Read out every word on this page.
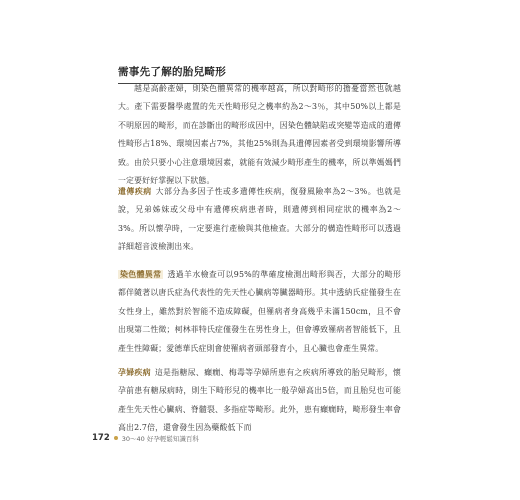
需事先了解的胎兒畸形
越是高齡產婦，則染色體異常的機率越高，所以對畸形的擔憂當然也就越大。產下需要醫學處置的先天性畸形兒之機率約為2〜3％，其中50%以上都是不明原因的畸形，而在診斷出的畸形成因中，因染色體缺陷或突變等造成的遺傳性畸形占18%、環境因素占7%，其他25%則為具遺傳因素者受到環境影響所導致。由於只要小心注意環境因素，就能有效減少畸形產生的機率，所以準媽媽們一定要好好掌握以下狀態。
遺傳疾病 大部分為多因子性或多遺傳性疾病，復發風險率為2〜3%。也就是說，兄弟姊妹或父母中有遺傳疾病患者時，則遺傳到相同症狀的機率為2〜3%。所以懷孕時，一定要進行產檢與其他檢查。大部分的構造性畸形可以透過詳細超音波檢測出來。
染色體異常 透過羊水檢查可以95%的準確度檢測出畸形與否，大部分的畸形都伴隨著以唐氏症為代表性的先天性心臟病等臟器畸形。其中透納氏症僅發生在女性身上，雖然對於智能不造成障礙，但罹病者身高幾乎未滿150cm，且不會出現第二性徵；柯林菲特氏症僅發生在男性身上，但會導致罹病者智能低下，且產生性障礙；愛德華氏症則會使罹病者頭部發育小，且心臟也會產生異常。
孕婦疾病 這是指糖尿、癲癇、梅毒等孕婦所患有之疾病所導致的胎兒畸形，懷孕前患有糖尿病時，則生下畸形兒的機率比一般孕婦高出5倍，而且胎兒也可能產生先天性心臟病、脊髓裂、多指症等畸形。此外，患有癲癇時，畸形發生率會高出2.7倍，還會發生因為藥酸低下而
172 30～40 好孕輕鬆知識百科
